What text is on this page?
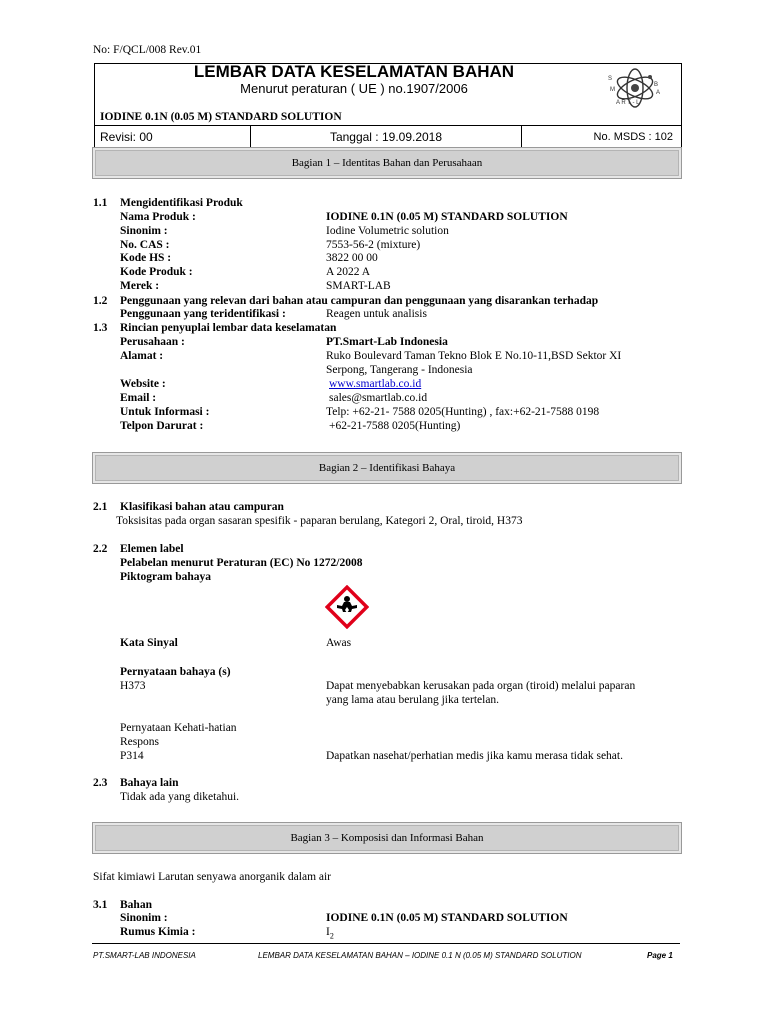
No: F/QCL/008 Rev.01
LEMBAR DATA KESELAMATAN BAHAN
Menurut peraturan ( UE ) no.1907/2006
IODINE 0.1N (0.05 M) STANDARD SOLUTION
B
A
S
M
A R T - L
Revisi: 00	Tanggal : 19.09.2018	No. MSDS : 102
Bagian 1 – Identitas Bahan dan Perusahaan
1.1 Mengidentifikasi Produk
Nama Produk :	IODINE 0.1N (0.05 M) STANDARD SOLUTION
Sinonim :	Iodine Volumetric solution
No. CAS :	7553-56-2 (mixture)
Kode HS :	3822 00 00
Kode Produk :	A 2022 A
Merek :	SMART-LAB
1.2 Penggunaan yang relevan dari bahan atau campuran dan penggunaan yang disarankan terhadap
Penggunaan yang teridentifikasi :	Reagen untuk analisis
1.3 Rincian penyuplai lembar data keselamatan
Perusahaan :	PT.Smart-Lab Indonesia
Alamat :	Ruko Boulevard Taman Tekno Blok E No.10-11,BSD Sektor XI
Serpong, Tangerang - Indonesia
Website :	www.smartlab.co.id
Email :	sales@smartlab.co.id
Untuk Informasi :	Telp: +62-21- 7588 0205(Hunting) , fax:+62-21-7588 0198
Telpon Darurat :	+62-21-7588 0205(Hunting)
Bagian 2 – Identifikasi Bahaya
2.1 Klasifikasi bahan atau campuran
Toksisitas pada organ sasaran spesifik - paparan berulang, Kategori 2, Oral, tiroid, H373
2.2 Elemen label
Pelabelan menurut Peraturan (EC) No 1272/2008
Piktogram bahaya
Kata Sinyal	Awas
Pernyataan bahaya (s)
H373	Dapat menyebabkan kerusakan pada organ (tiroid) melalui paparan
yang lama atau berulang jika tertelan.
Pernyataan Kehati-hatian
Respons
P314	Dapatkan nasehat/perhatian medis jika kamu merasa tidak sehat.
2.3 Bahaya lain
Tidak ada yang diketahui.
Bagian 3 – Komposisi dan Informasi Bahan
Sifat kimiawi Larutan senyawa anorganik dalam air
3.1 Bahan
Sinonim :	IODINE 0.1N (0.05 M) STANDARD SOLUTION
Rumus Kimia :	$I_2$
PT.SMART-LAB INDONESIA	LEMBAR DATA KESELAMATAN BAHAN – IODINE 0.1 N (0.05 M) STANDARD SOLUTION	Page 1
